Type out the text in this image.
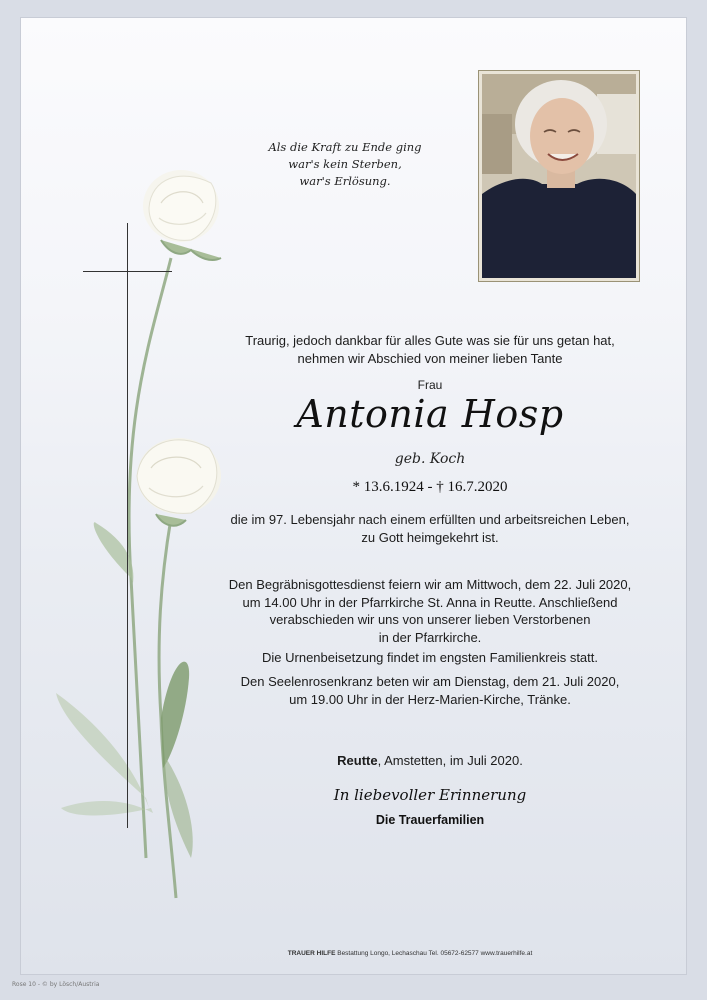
Als die Kraft zu Ende ging
war's kein Sterben,
war's Erlösung.
Traurig, jedoch dankbar für alles Gute was sie für uns getan hat,
nehmen wir Abschied von meiner lieben Tante
Frau
Antonia Hosp
geb. Koch
* 13.6.1924 - † 16.7.2020
die im 97. Lebensjahr nach einem erfüllten und arbeitsreichen Leben,
zu Gott heimgekehrt ist.
Den Begräbnisgottesdienst feiern wir am Mittwoch, dem 22. Juli 2020,
um 14.00 Uhr in der Pfarrkirche St. Anna in Reutte. Anschließend
verabschieden wir uns von unserer lieben Verstorbenen
in der Pfarrkirche.
Die Urnenbeisetzung findet im engsten Familienkreis statt.
Den Seelenrosenkranz beten wir am Dienstag, dem 21. Juli 2020,
um 19.00 Uhr in der Herz-Marien-Kirche, Tränke.
Reutte, Amstetten, im Juli 2020.
In liebevoller Erinnerung
Die Trauerfamilien
TRAUER HILFE Bestattung Longo, Lechaschau Tel. 05672-62577 www.trauerhilfe.at
Rose 10 - © by Lösch/Austria
